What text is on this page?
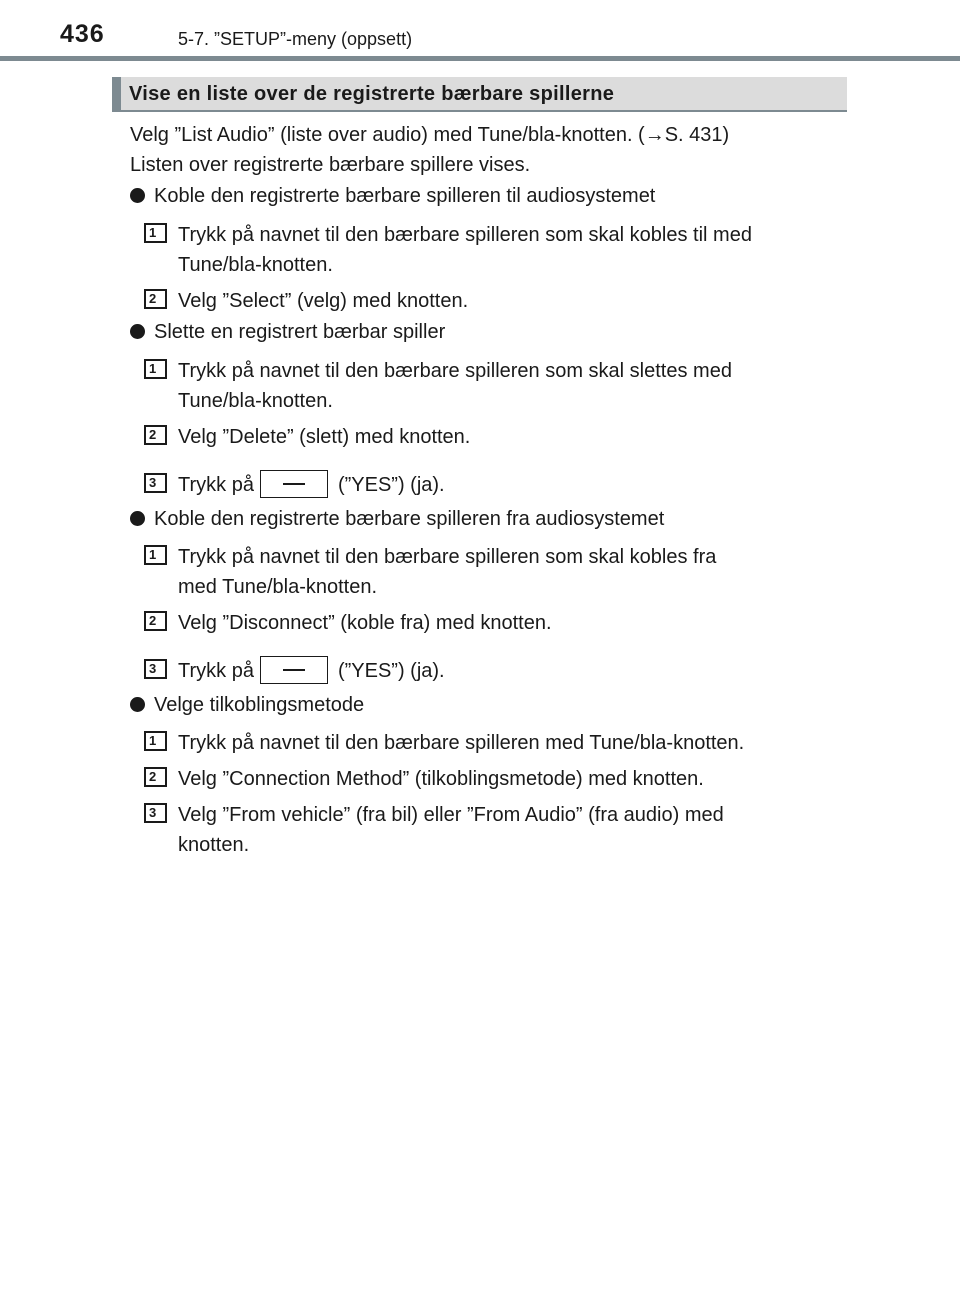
436	5-7. ”SETUP”-meny (oppsett)
Vise en liste over de registrerte bærbare spillerne
Velg ”List Audio” (liste over audio) med Tune/bla-knotten. (→S. 431)
Listen over registrerte bærbare spillere vises.
Koble den registrerte bærbare spilleren til audiosystemet
1	Trykk på navnet til den bærbare spilleren som skal kobles til med
Tune/bla-knotten.
2	Velg ”Select” (velg) med knotten.
Slette en registrert bærbar spiller
1	Trykk på navnet til den bærbare spilleren som skal slettes med
Tune/bla-knotten.
2	Velg ”Delete” (slett) med knotten.
3	Trykk på	(”YES”) (ja).
Koble den registrerte bærbare spilleren fra audiosystemet
1	Trykk på navnet til den bærbare spilleren som skal kobles fra
med Tune/bla-knotten.
2	Velg ”Disconnect” (koble fra) med knotten.
3	Trykk på	(”YES”) (ja).
Velge tilkoblingsmetode
1	Trykk på navnet til den bærbare spilleren med Tune/bla-knotten.
2	Velg ”Connection Method” (tilkoblingsmetode) med knotten.
3	Velg ”From vehicle” (fra bil) eller ”From Audio” (fra audio) med
knotten.
